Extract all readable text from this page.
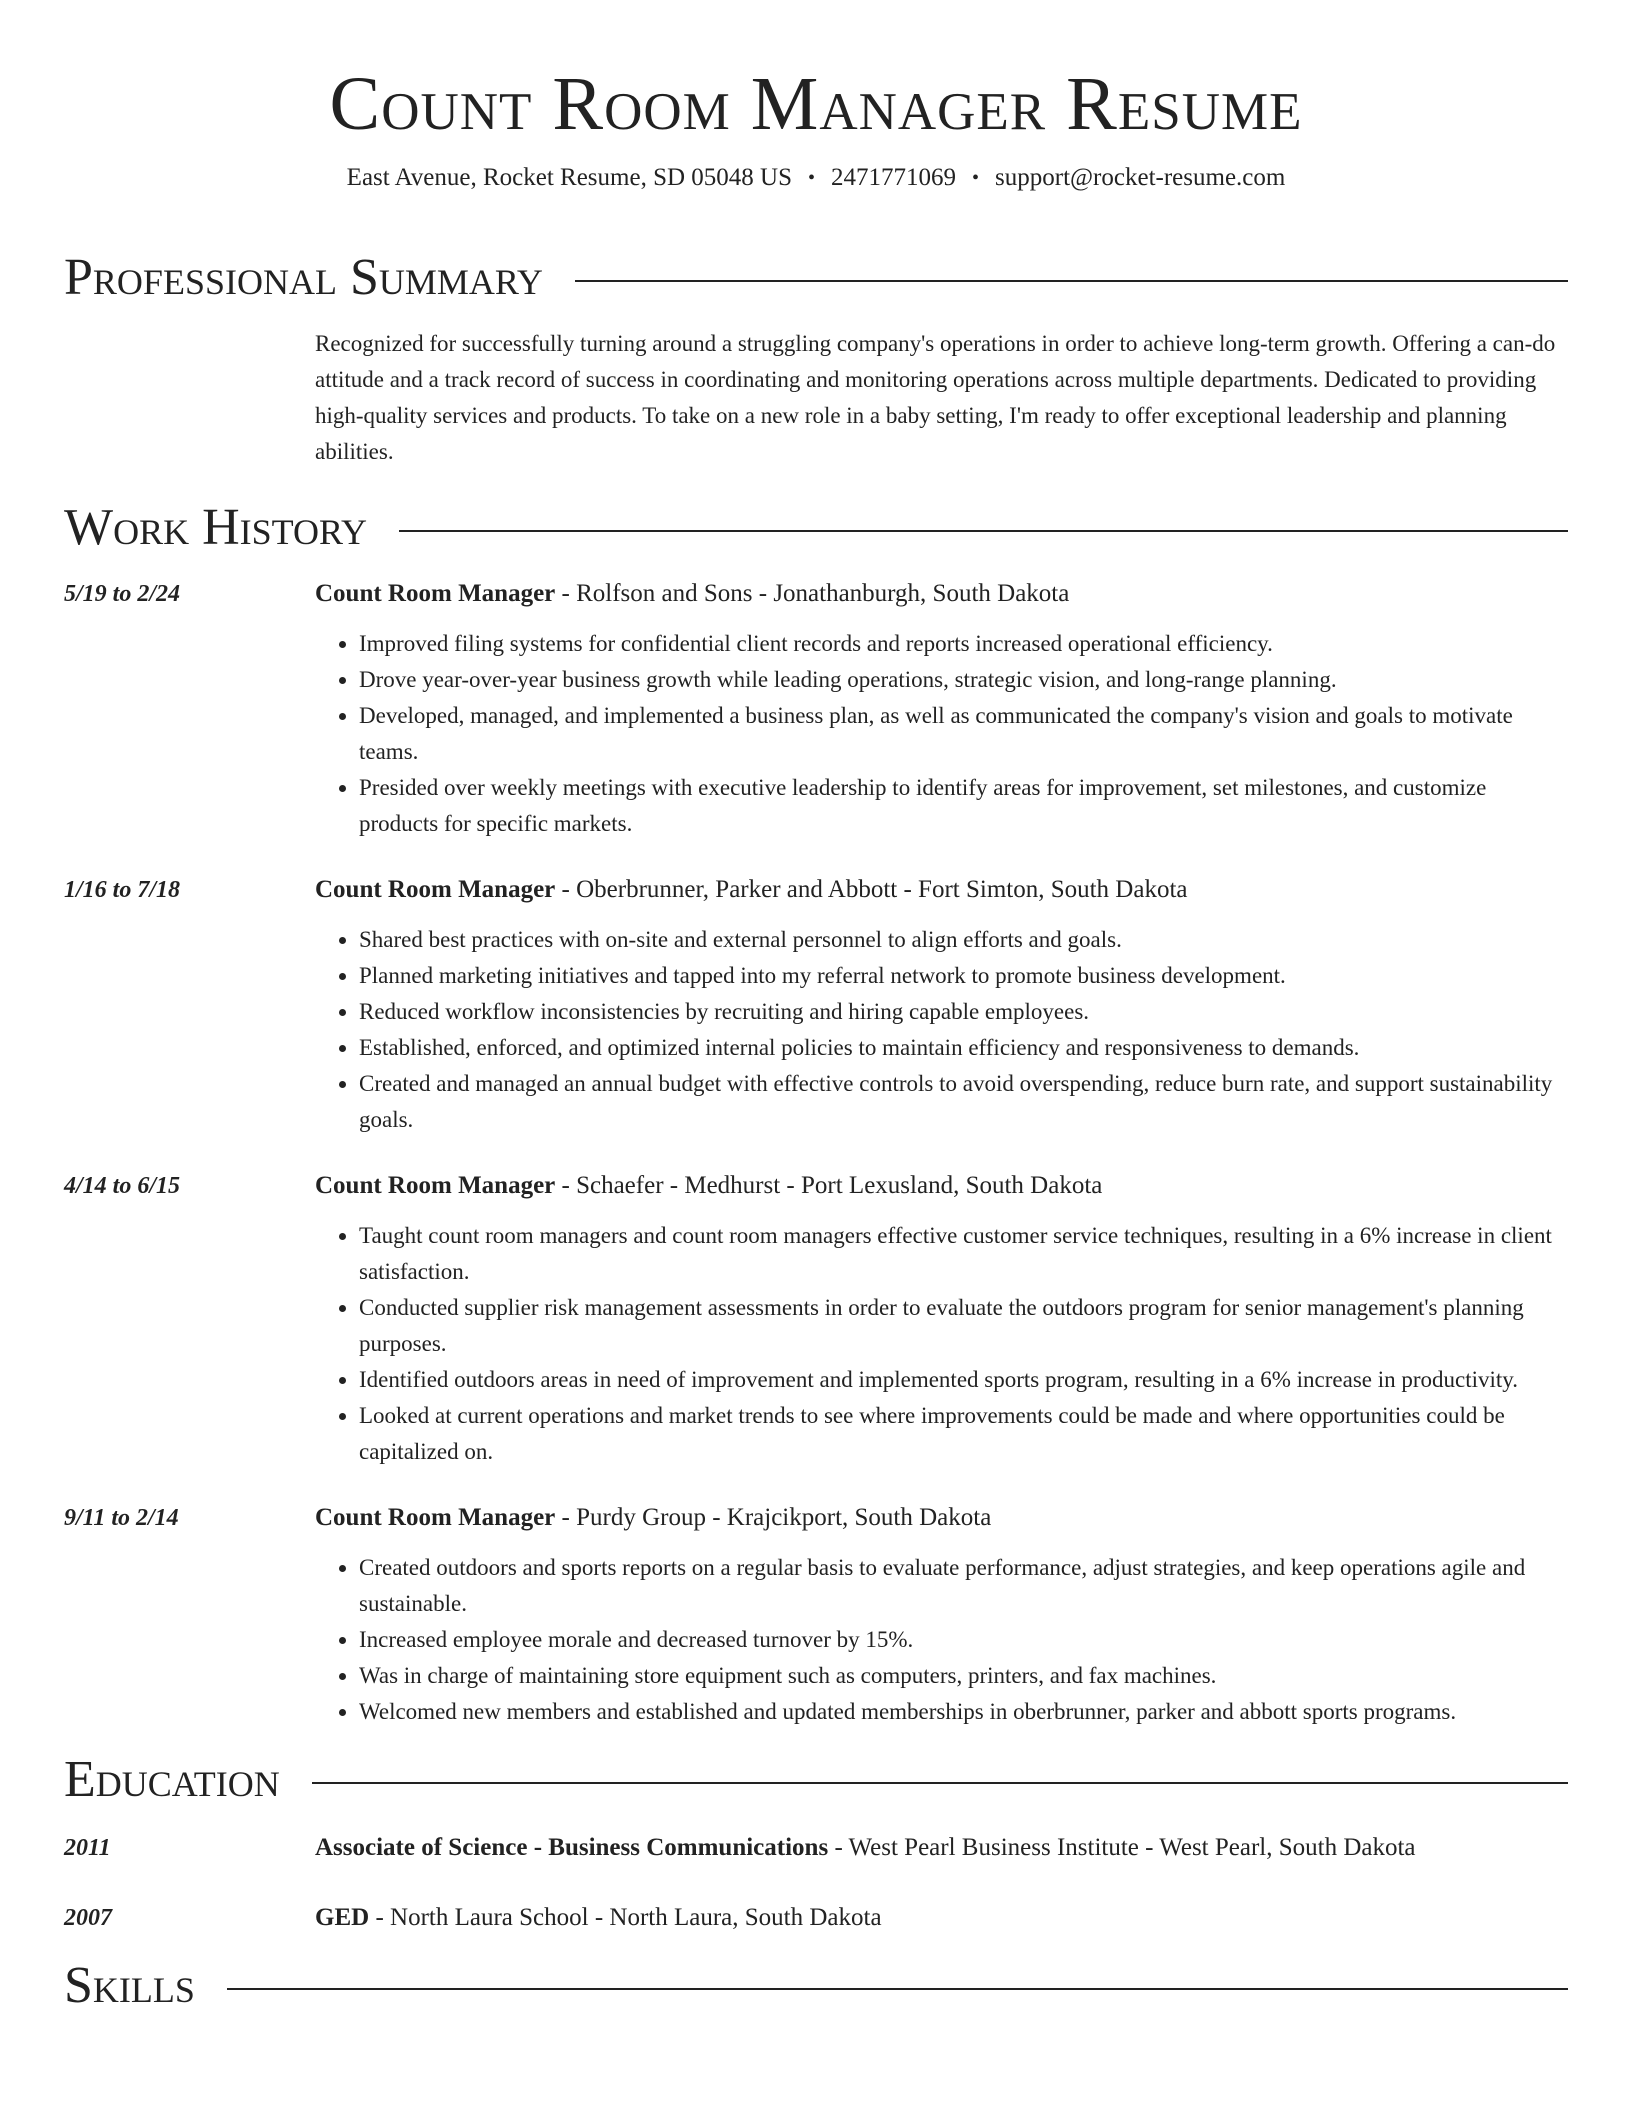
Count Room Manager Resume
East Avenue, Rocket Resume, SD 05048 US • 2471771069 • support@rocket-resume.com
Professional Summary
Recognized for successfully turning around a struggling company's operations in order to achieve long-term growth. Offering a can-do attitude and a track record of success in coordinating and monitoring operations across multiple departments. Dedicated to providing high-quality services and products. To take on a new role in a baby setting, I'm ready to offer exceptional leadership and planning abilities.
Work History
5/19 to 2/24	Count Room Manager - Rolfson and Sons - Jonathanburgh, South Dakota
• Improved filing systems for confidential client records and reports increased operational efficiency.
• Drove year-over-year business growth while leading operations, strategic vision, and long-range planning.
• Developed, managed, and implemented a business plan, as well as communicated the company's vision and goals to motivate teams.
• Presided over weekly meetings with executive leadership to identify areas for improvement, set milestones, and customize products for specific markets.
1/16 to 7/18	Count Room Manager - Oberbrunner, Parker and Abbott - Fort Simton, South Dakota
• Shared best practices with on-site and external personnel to align efforts and goals.
• Planned marketing initiatives and tapped into my referral network to promote business development.
• Reduced workflow inconsistencies by recruiting and hiring capable employees.
• Established, enforced, and optimized internal policies to maintain efficiency and responsiveness to demands.
• Created and managed an annual budget with effective controls to avoid overspending, reduce burn rate, and support sustainability goals.
4/14 to 6/15	Count Room Manager - Schaefer - Medhurst - Port Lexusland, South Dakota
• Taught count room managers and count room managers effective customer service techniques, resulting in a 6% increase in client satisfaction.
• Conducted supplier risk management assessments in order to evaluate the outdoors program for senior management's planning purposes.
• Identified outdoors areas in need of improvement and implemented sports program, resulting in a 6% increase in productivity.
• Looked at current operations and market trends to see where improvements could be made and where opportunities could be capitalized on.
9/11 to 2/14	Count Room Manager - Purdy Group - Krajcikport, South Dakota
• Created outdoors and sports reports on a regular basis to evaluate performance, adjust strategies, and keep operations agile and sustainable.
• Increased employee morale and decreased turnover by 15%.
• Was in charge of maintaining store equipment such as computers, printers, and fax machines.
• Welcomed new members and established and updated memberships in oberbrunner, parker and abbott sports programs.
Education
2011	Associate of Science - Business Communications - West Pearl Business Institute - West Pearl, South Dakota
2007	GED - North Laura School - North Laura, South Dakota
Skills
